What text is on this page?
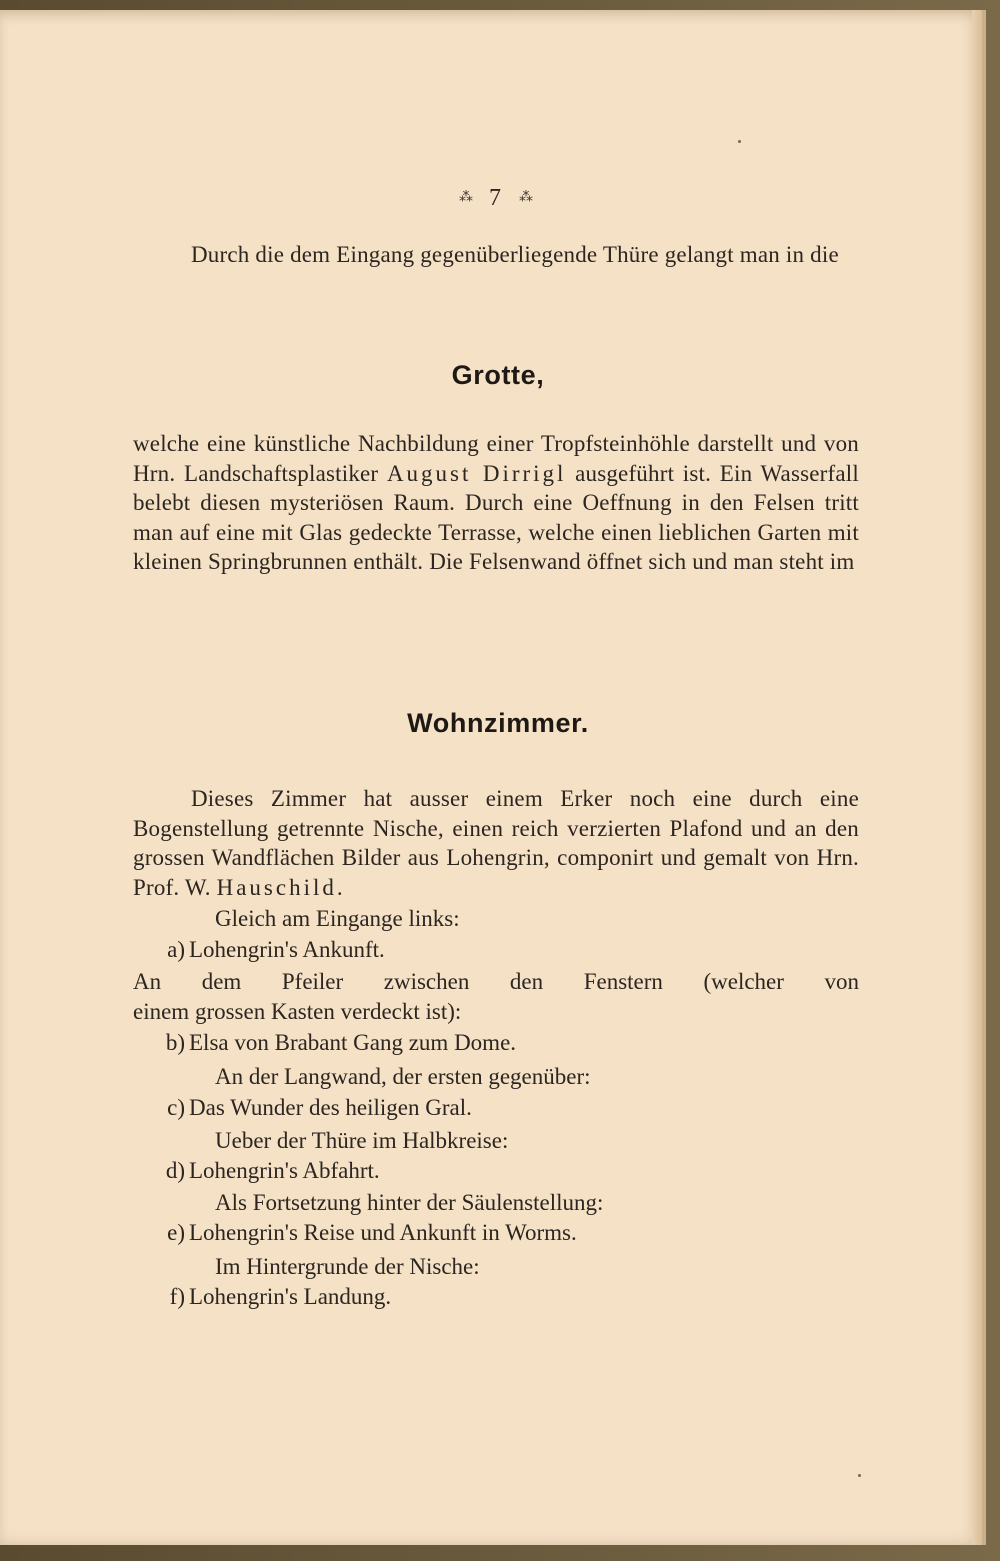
⁂ 7 ⁂
Durch die dem Eingang gegenüberliegende Thüre gelangt man in die
Grotte,
welche eine künstliche Nachbildung einer Tropfsteinhöhle darstellt und von Hrn. Landschaftsplastiker August Dirrigl ausgeführt ist. Ein Wasserfall belebt diesen mysteriösen Raum. Durch eine Oeffnung in den Felsen tritt man auf eine mit Glas gedeckte Terrasse, welche einen lieblichen Garten mit kleinen Springbrunnen enthält. Die Felsenwand öffnet sich und man steht im
Wohnzimmer.
Dieses Zimmer hat ausser einem Erker noch eine durch eine Bogenstellung getrennte Nische, einen reich verzierten Plafond und an den grossen Wandflächen Bilder aus Lohengrin, componirt und gemalt von Hrn. Prof. W. Hauschild.
Gleich am Eingange links:
a) Lohengrin's Ankunft.
An dem Pfeiler zwischen den Fenstern (welcher von
einem grossen Kasten verdeckt ist):
b) Elsa von Brabant Gang zum Dome.
An der Langwand, der ersten gegenüber:
c) Das Wunder des heiligen Gral.
Ueber der Thüre im Halbkreise:
d) Lohengrin's Abfahrt.
Als Fortsetzung hinter der Säulenstellung:
e) Lohengrin's Reise und Ankunft in Worms.
Im Hintergrunde der Nische:
f) Lohengrin's Landung.
